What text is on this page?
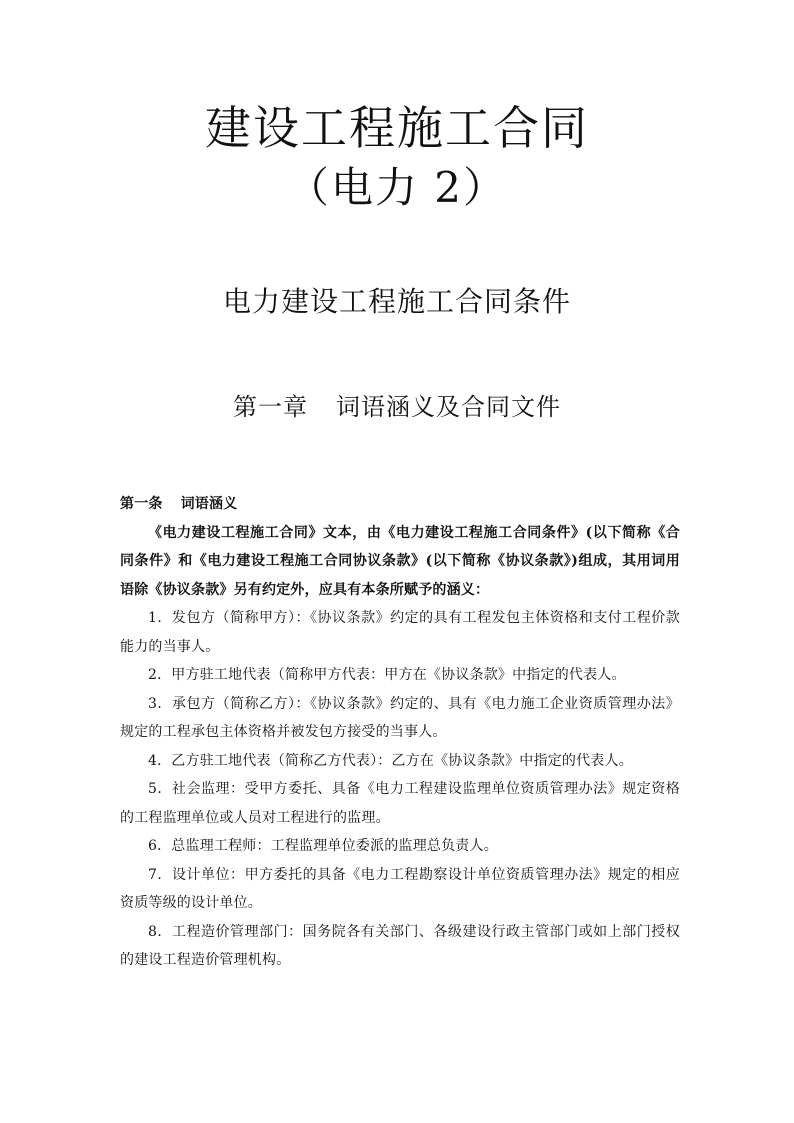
建设工程施工合同
（电力 2）
电力建设工程施工合同条件
第一章 词语涵义及合同文件

第一条 词语涵义

《电力建设工程施工合同》文本，由《电力建设工程施工合同条件》(以下简称《合同条件》和《电力建设工程施工合同协议条款》(以下简称《协议条款》)组成，其用词用语除《协议条款》另有约定外，应具有本条所赋予的涵义：

1．发包方（简称甲方）：《协议条款》约定的具有工程发包主体资格和支付工程价款能力的当事人。

2．甲方驻工地代表（简称甲方代表：甲方在《协议条款》中指定的代表人。

3．承包方（简称乙方）：《协议条款》约定的、具有《电力施工企业资质管理办法》规定的工程承包主体资格并被发包方接受的当事人。

4．乙方驻工地代表（简称乙方代表）：乙方在《协议条款》中指定的代表人。

5．社会监理：受甲方委托、具备《电力工程建设监理单位资质管理办法》规定资格的工程监理单位或人员对工程进行的监理。

6．总监理工程师：工程监理单位委派的监理总负责人。

7．设计单位：甲方委托的具备《电力工程勘察设计单位资质管理办法》规定的相应资质等级的设计单位。

8．工程造价管理部门：国务院各有关部门、各级建设行政主管部门或如上部门授权的建设工程造价管理机构。
